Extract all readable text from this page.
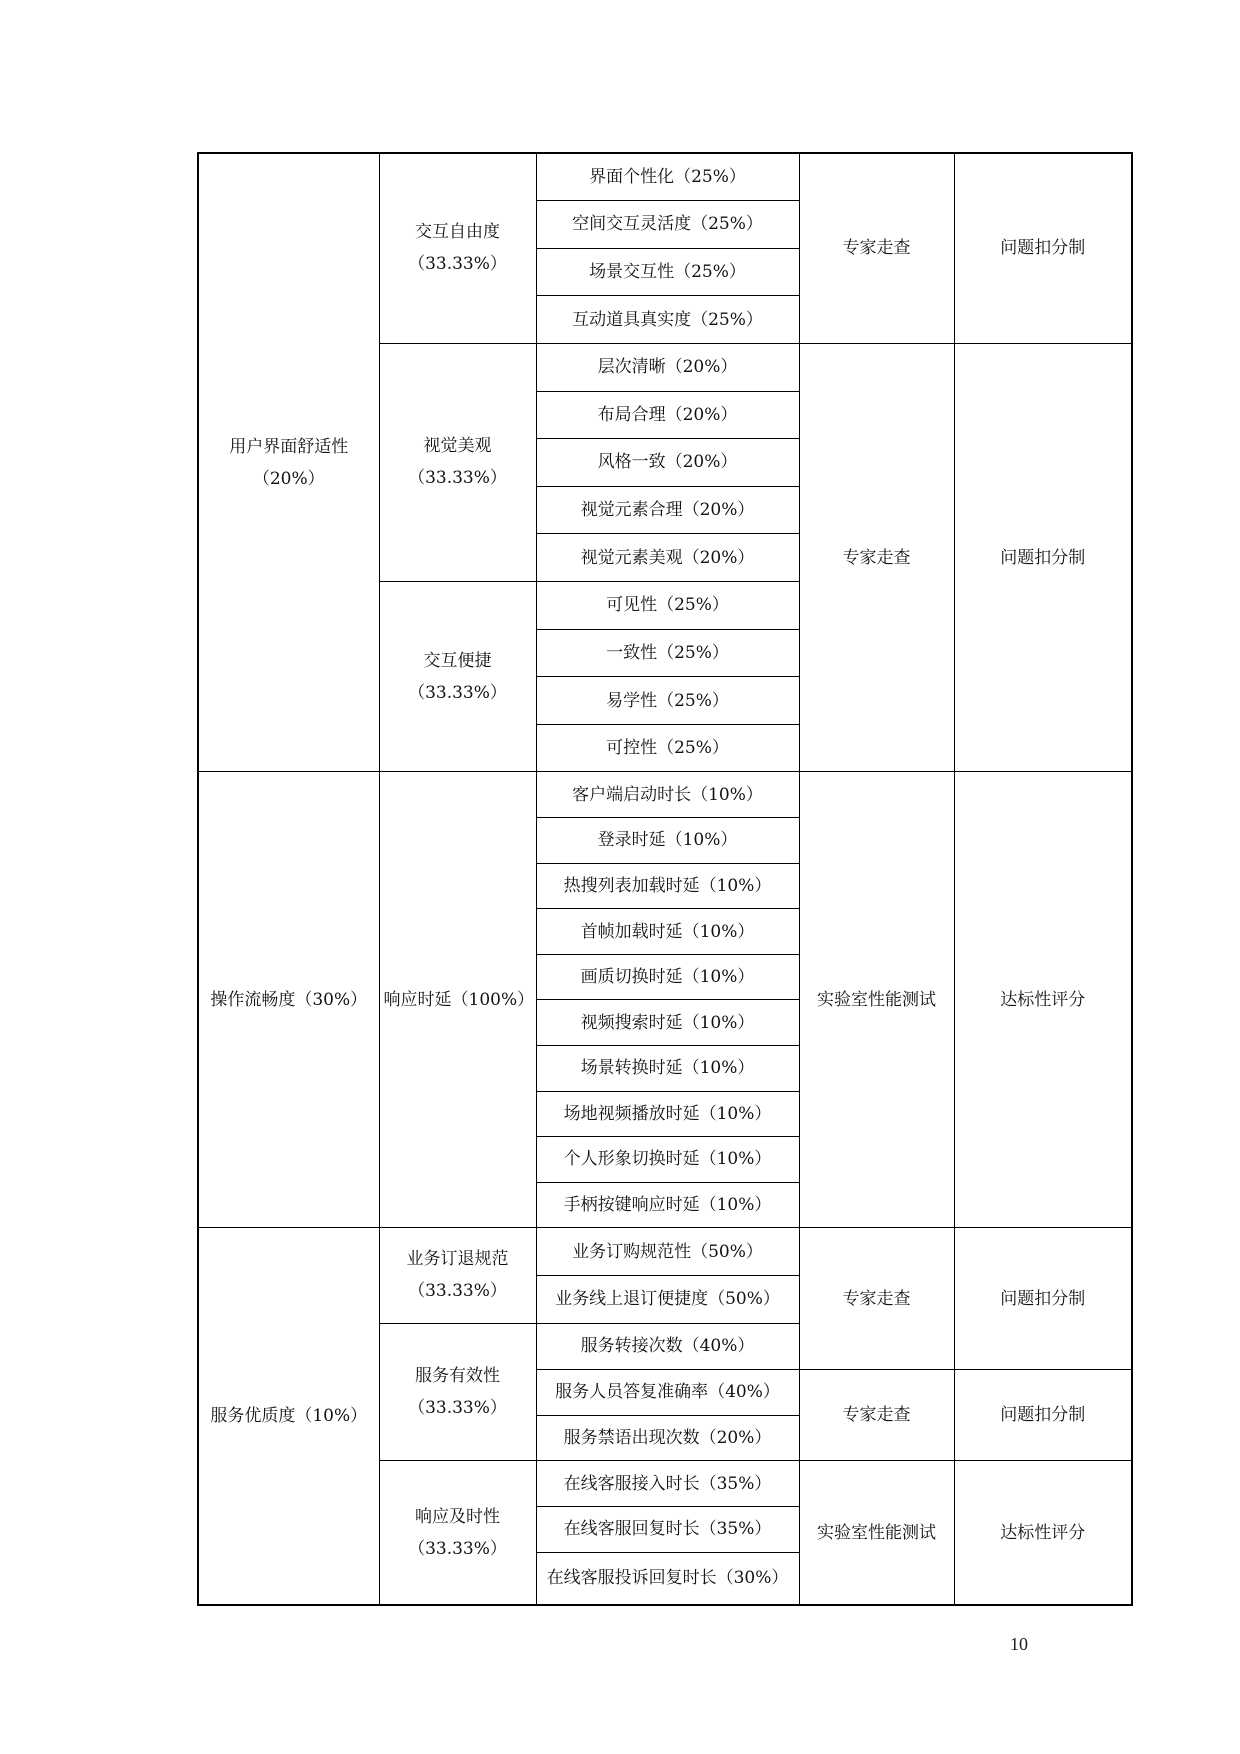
用户界面舒适性
（20%）	交互自由度
（33.33%）	界面个性化（25%）	专家走查	问题扣分制
		空间交互灵活度（25%）		
		场景交互性（25%）		
		互动道具真实度（25%）		

	视觉美观
（33.33%）	层次清晰（20%）	专家走查	问题扣分制
		布局合理（20%）		
		风格一致（20%）		
		视觉元素合理（20%）		
		视觉元素美观（20%）		

	交互便捷
（33.33%）	可见性（25%）		
		一致性（25%）		
		易学性（25%）		
		可控性（25%）		

操作流畅度（30%）	响应时延（100%）	客户端启动时长（10%）	实验室性能测试	达标性评分
		登录时延（10%）		
		热搜列表加载时延（10%）		
		首帧加载时延（10%）		
		画质切换时延（10%）		
		视频搜索时延（10%）		
		场景转换时延（10%）		
		场地视频播放时延（10%）		
		个人形象切换时延（10%）		
		手柄按键响应时延（10%）		

服务优质度（10%）	业务订退规范
（33.33%）	业务订购规范性（50%）	专家走查	问题扣分制
		业务线上退订便捷度（50%）		

	服务有效性
（33.33%）	服务转接次数（40%）		
		服务人员答复准确率（40%）	专家走查	问题扣分制
		服务禁语出现次数（20%）		

	响应及时性
（33.33%）	在线客服接入时长（35%）	实验室性能测试	达标性评分
		在线客服回复时长（35%）		
		在线客服投诉回复时长（30%）		
10
